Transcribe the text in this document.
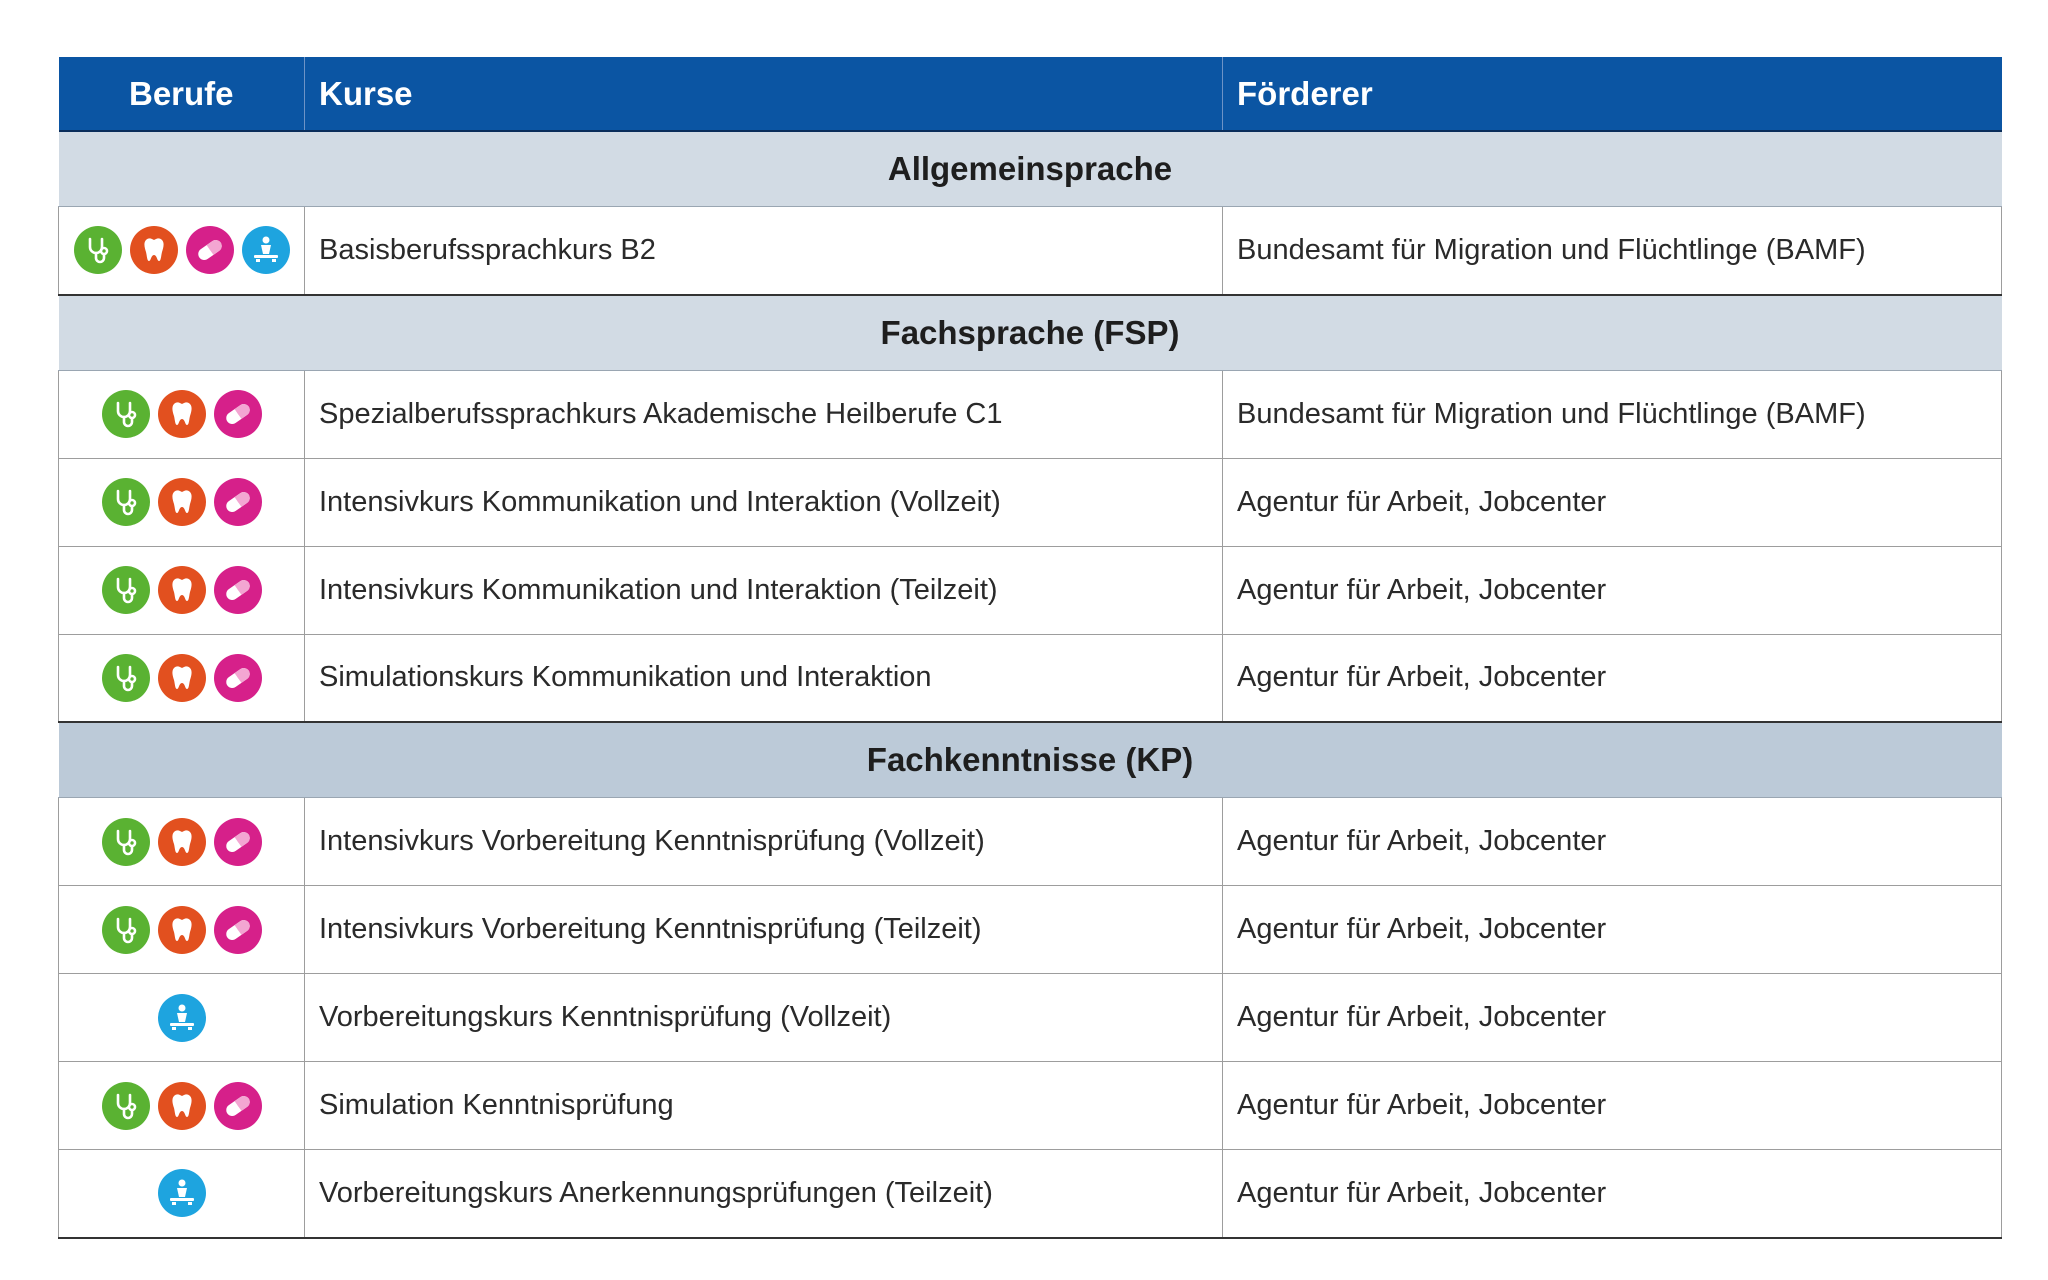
Berufe	Kurse	Förderer
Allgemeinsprache		

	Basisberufssprachkurs B2	Bundesamt für Migration und Flüchtlinge (BAMF)
Fachsprache (FSP)		

	Spezialberufssprachkurs Akademische Heilberufe C1	Bundesamt für Migration und Flüchtlinge (BAMF)

	Intensivkurs Kommunikation und Interaktion (Vollzeit)	Agentur für Arbeit, Jobcenter

	Intensivkurs Kommunikation und Interaktion (Teilzeit)	Agentur für Arbeit, Jobcenter

	Simulationskurs Kommunikation und Interaktion	Agentur für Arbeit, Jobcenter
Fachkenntnisse (KP)		

	Intensivkurs Vorbereitung Kenntnisprüfung (Vollzeit)	Agentur für Arbeit, Jobcenter

	Intensivkurs Vorbereitung Kenntnisprüfung (Teilzeit)	Agentur für Arbeit, Jobcenter

	Vorbereitungskurs Kenntnisprüfung (Vollzeit)	Agentur für Arbeit, Jobcenter

	Simulation Kenntnisprüfung	Agentur für Arbeit, Jobcenter

	Vorbereitungskurs Anerkennungsprüfungen (Teilzeit)	Agentur für Arbeit, Jobcenter
